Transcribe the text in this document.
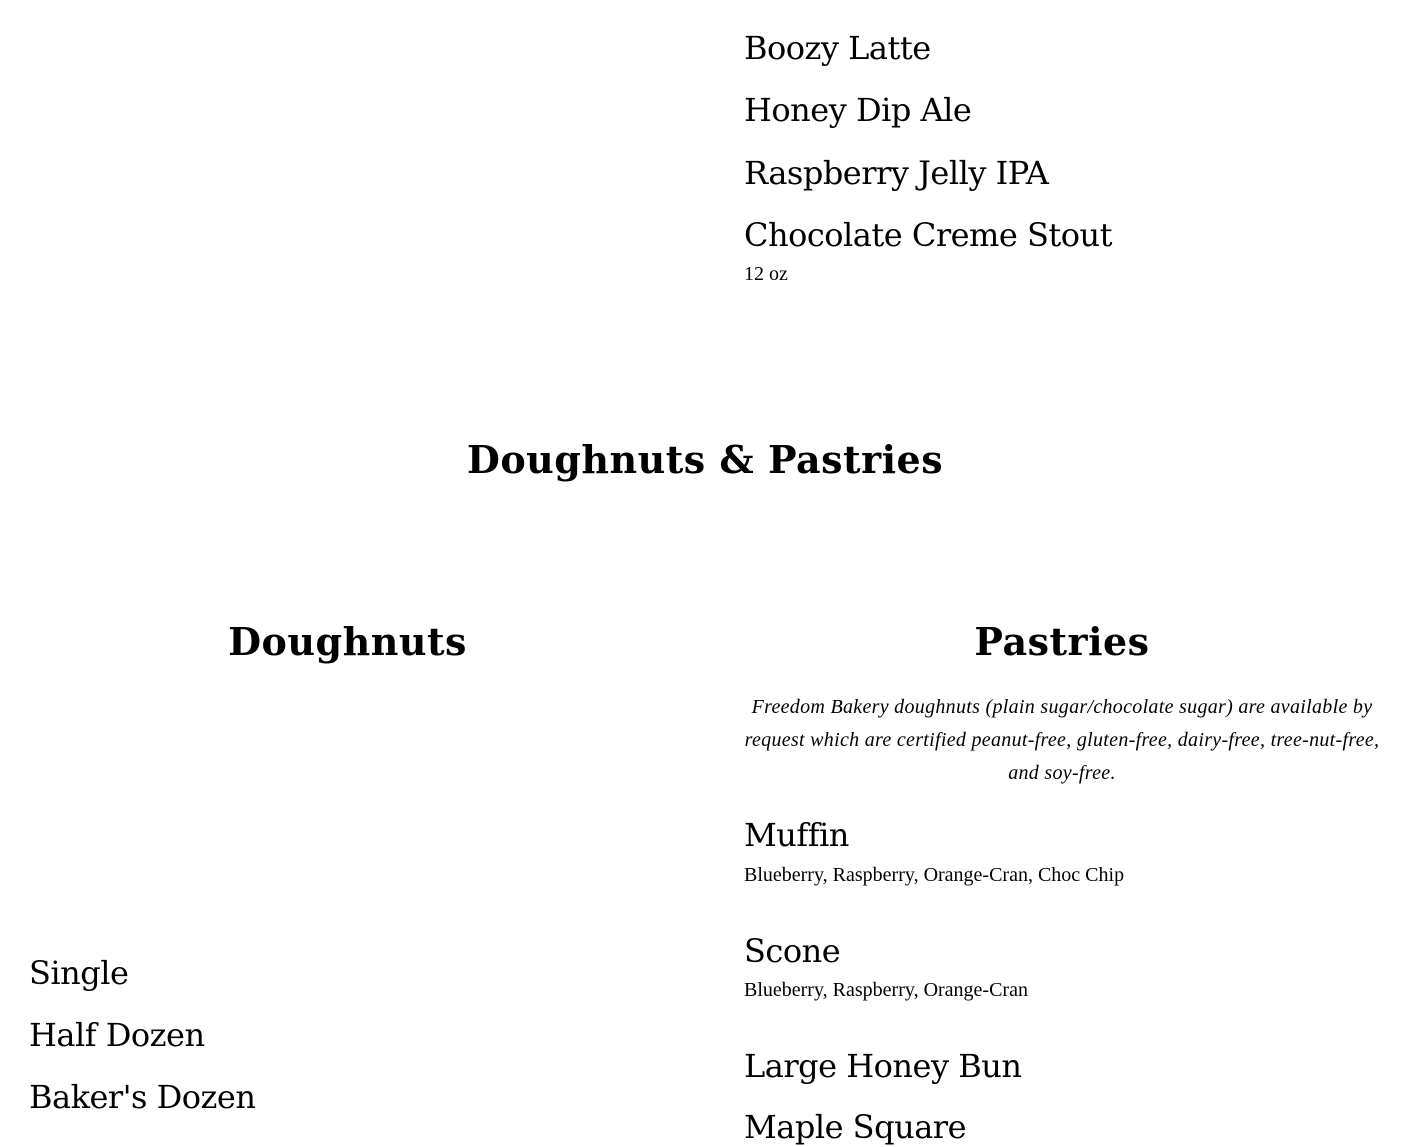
Boozy Latte
Honey Dip Ale
Raspberry Jelly IPA
Chocolate Creme Stout
12 oz
Doughnuts & Pastries
Doughnuts
Single
Half Dozen
Baker's Dozen
Pastries
Freedom Bakery doughnuts (plain sugar/chocolate sugar) are available by request which are certified peanut-free, gluten-free, dairy-free, tree-nut-free, and soy-free.
Muffin
Blueberry, Raspberry, Orange-Cran, Choc Chip
Scone
Blueberry, Raspberry, Orange-Cran
Large Honey Bun
Maple Square
